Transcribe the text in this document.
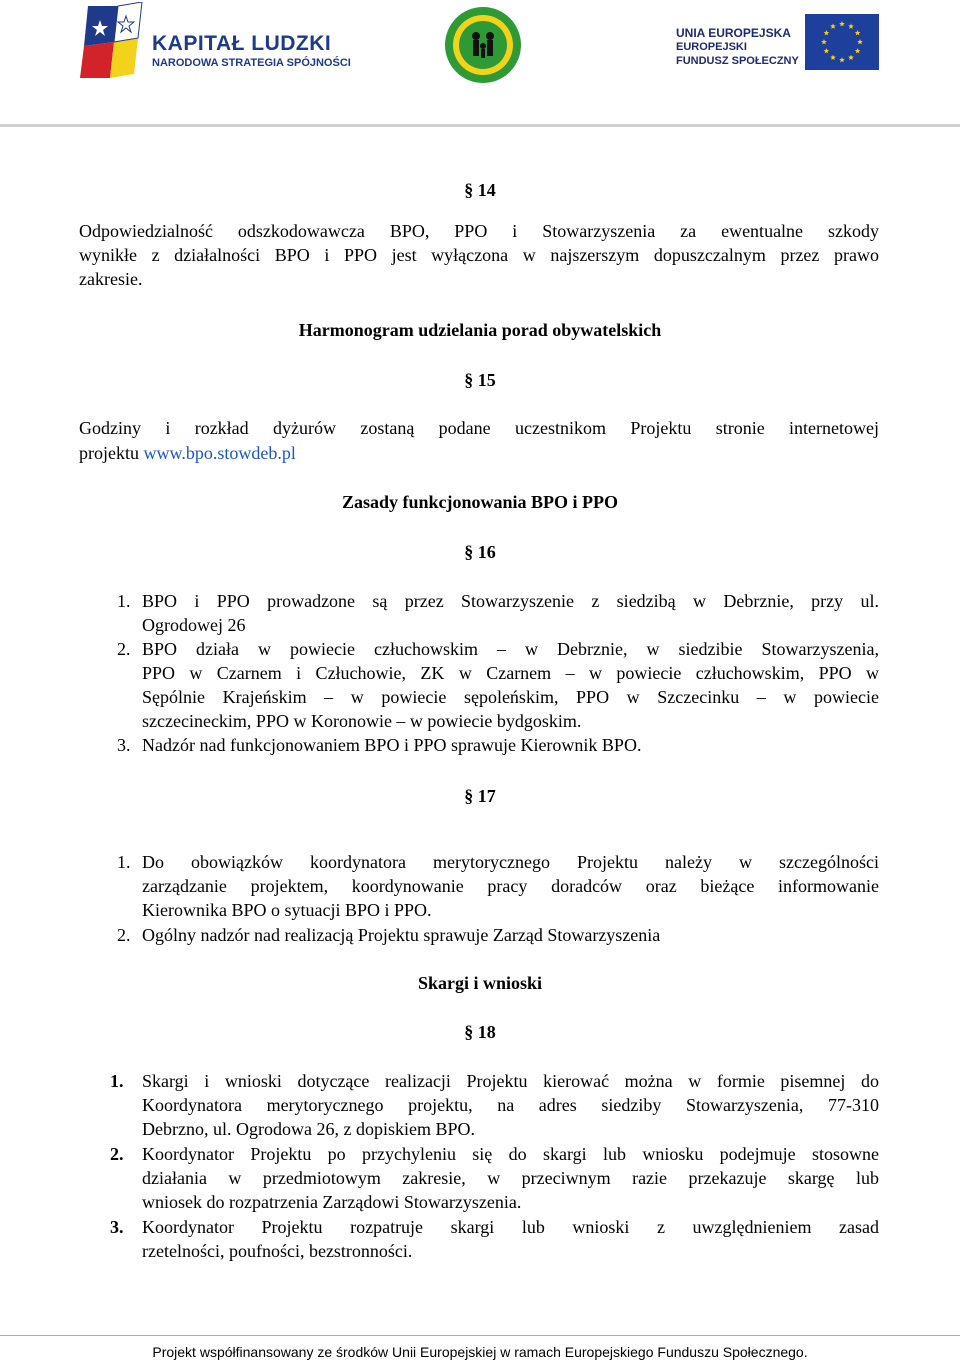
KAPITAŁ LUDZKI
NARODOWA STRATEGIA SPÓJNOŚCI
UNIA EUROPEJSKA
EUROPEJSKI
FUNDUSZ SPOŁECZNY
§ 14
Odpowiedzialność odszkodowawcza BPO, PPO i Stowarzyszenia za ewentualne szkody
wynikłe z działalności BPO i PPO jest wyłączona w najszerszym dopuszczalnym przez prawo
zakresie.
Harmonogram udzielania porad obywatelskich
§ 15
Godziny i rozkład dyżurów zostaną podane uczestnikom Projektu stronie internetowej
projektu www.bpo.stowdeb.pl
Zasady funkcjonowania BPO i PPO
§ 16
1. BPO i PPO prowadzone są przez Stowarzyszenie z siedzibą w Debrznie, przy ul.
Ogrodowej 26
2. BPO działa w powiecie człuchowskim – w Debrznie, w siedzibie Stowarzyszenia,
PPO w Czarnem i Człuchowie, ZK w Czarnem – w powiecie człuchowskim, PPO w
Sępólnie Krajeńskim – w powiecie sępoleńskim, PPO w Szczecinku – w powiecie
szczecineckim, PPO w Koronowie – w powiecie bydgoskim.
3. Nadzór nad funkcjonowaniem BPO i PPO sprawuje Kierownik BPO.
§ 17
1. Do obowiązków koordynatora merytorycznego Projektu należy w szczególności
zarządzanie projektem, koordynowanie pracy doradców oraz bieżące informowanie
Kierownika BPO o sytuacji BPO i PPO.
2. Ogólny nadzór nad realizacją Projektu sprawuje Zarząd Stowarzyszenia
Skargi i wnioski
§ 18
1. Skargi i wnioski dotyczące realizacji Projektu kierować można w formie pisemnej do
Koordynatora merytorycznego projektu, na adres siedziby Stowarzyszenia, 77-310
Debrzno, ul. Ogrodowa 26, z dopiskiem BPO.
2. Koordynator Projektu po przychyleniu się do skargi lub wniosku podejmuje stosowne
działania w przedmiotowym zakresie, w przeciwnym razie przekazuje skargę lub
wniosek do rozpatrzenia Zarządowi Stowarzyszenia.
3. Koordynator Projektu rozpatruje skargi lub wnioski z uwzględnieniem zasad
rzetelności, poufności, bezstronności.
Projekt współfinansowany ze środków Unii Europejskiej w ramach Europejskiego Funduszu Społecznego.
